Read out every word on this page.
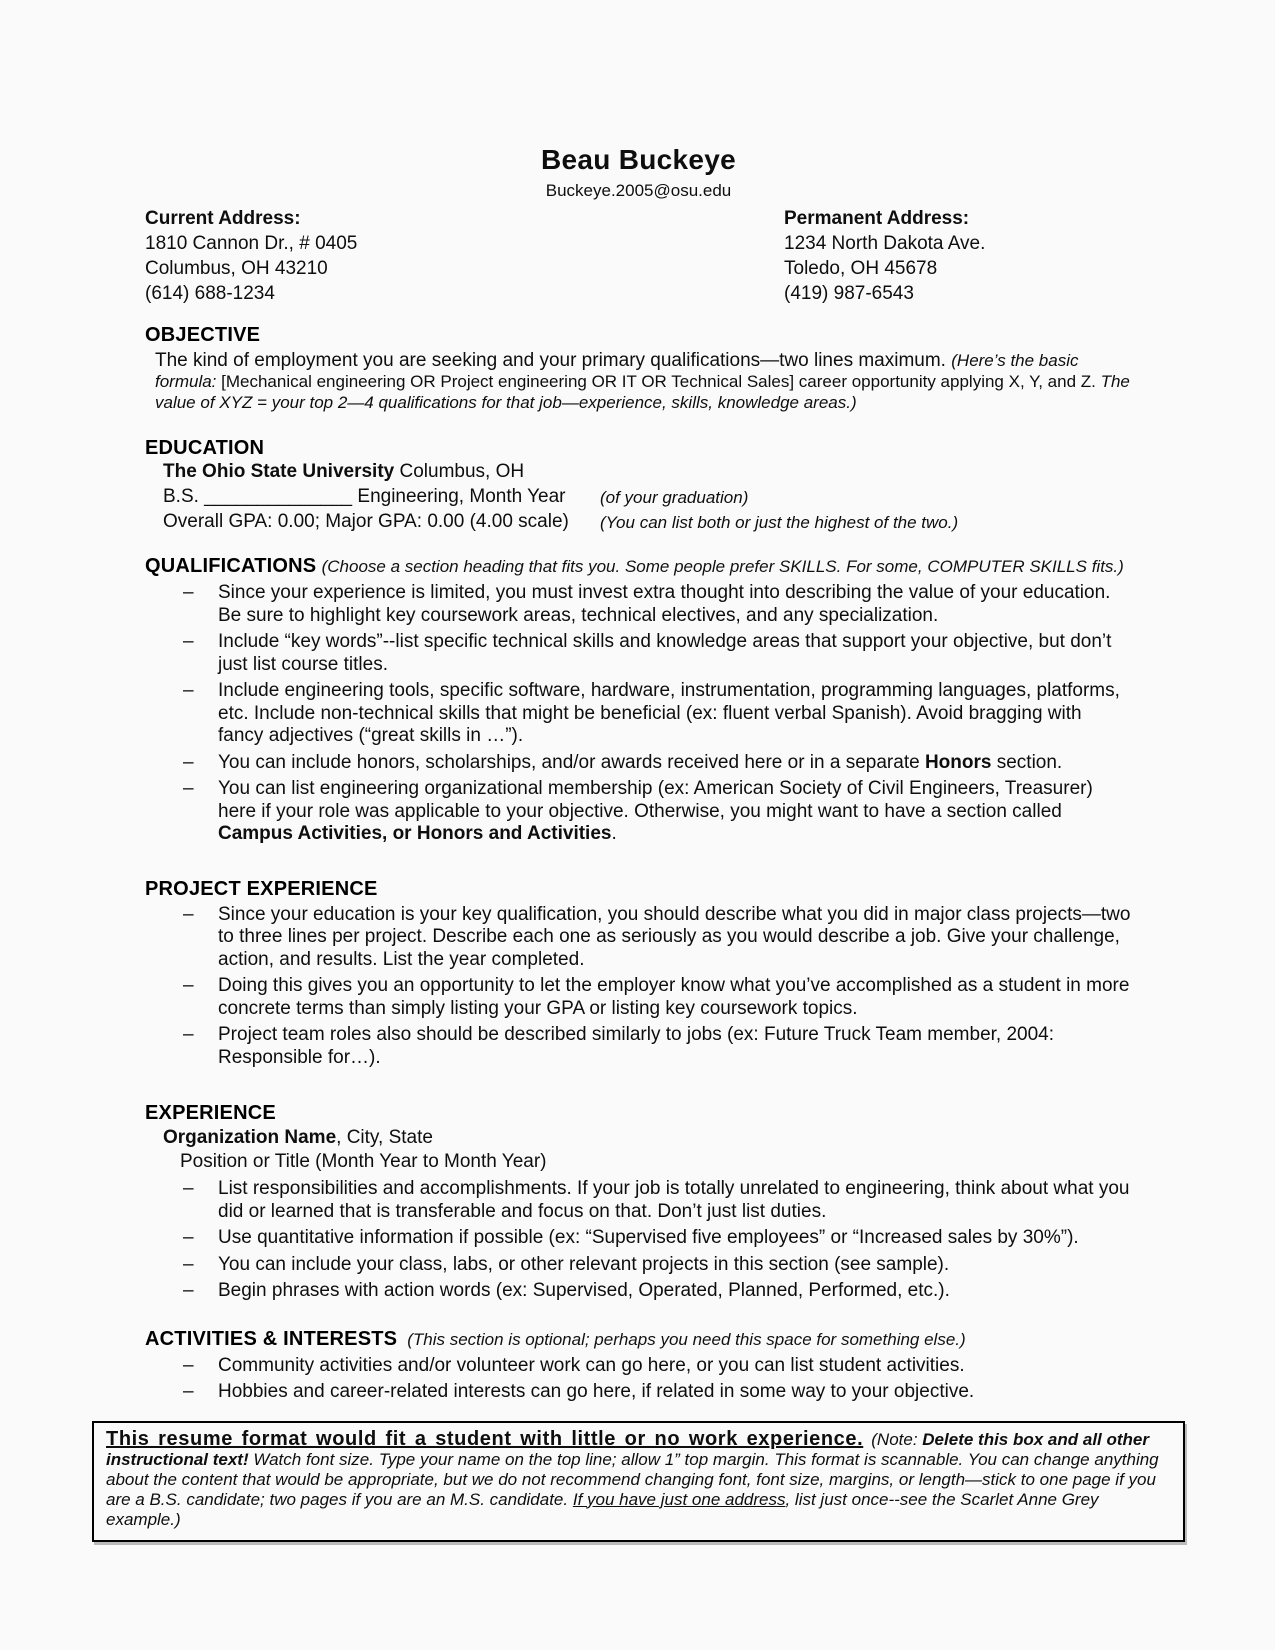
Beau Buckeye
Buckeye.2005@osu.edu
Current Address:
1810 Cannon Dr., # 0405
Columbus, OH 43210
(614) 688-1234
Permanent Address:
1234 North Dakota Ave.
Toledo, OH 45678
(419) 987-6543
OBJECTIVE

The kind of employment you are seeking and your primary qualifications—two lines maximum. (Here’s the basic formula: [Mechanical engineering OR Project engineering OR IT OR Technical Sales] career opportunity applying X, Y, and Z. The value of XYZ = your top 2—4 qualifications for that job—experience, skills, knowledge areas.)

EDUCATION
The Ohio State University Columbus, OH
B.S. ______________ Engineering, Month Year (of your graduation)
Overall GPA: 0.00; Major GPA: 0.00 (4.00 scale) (You can list both or just the highest of the two.)
QUALIFICATIONS (Choose a section heading that fits you. Some people prefer SKILLS. For some, COMPUTER SKILLS fits.)
– Since your experience is limited, you must invest extra thought into describing the value of your education. Be sure to highlight key coursework areas, technical electives, and any specialization.
– Include “key words”--list specific technical skills and knowledge areas that support your objective, but don’t just list course titles.
– Include engineering tools, specific software, hardware, instrumentation, programming languages, platforms, etc. Include non-technical skills that might be beneficial (ex: fluent verbal Spanish). Avoid bragging with fancy adjectives (“great skills in …”).
– You can include honors, scholarships, and/or awards received here or in a separate Honors section.
– You can list engineering organizational membership (ex: American Society of Civil Engineers, Treasurer) here if your role was applicable to your objective. Otherwise, you might want to have a section called Campus Activities, or Honors and Activities.
PROJECT EXPERIENCE
– Since your education is your key qualification, you should describe what you did in major class projects—two to three lines per project. Describe each one as seriously as you would describe a job. Give your challenge, action, and results. List the year completed.
– Doing this gives you an opportunity to let the employer know what you’ve accomplished as a student in more concrete terms than simply listing your GPA or listing key coursework topics.
– Project team roles also should be described similarly to jobs (ex: Future Truck Team member, 2004: Responsible for…).
EXPERIENCE
Organization Name, City, State
Position or Title (Month Year to Month Year)
– List responsibilities and accomplishments. If your job is totally unrelated to engineering, think about what you did or learned that is transferable and focus on that. Don’t just list duties.
– Use quantitative information if possible (ex: “Supervised five employees” or “Increased sales by 30%”).
– You can include your class, labs, or other relevant projects in this section (see sample).
– Begin phrases with action words (ex: Supervised, Operated, Planned, Performed, etc.).
ACTIVITIES & INTERESTS (This section is optional; perhaps you need this space for something else.)
– Community activities and/or volunteer work can go here, or you can list student activities.
– Hobbies and career-related interests can go here, if related in some way to your objective.

This resume format would fit a student with little or no work experience. (Note: Delete this box and all other instructional text! Watch font size. Type your name on the top line; allow 1” top margin. This format is scannable. You can change anything about the content that would be appropriate, but we do not recommend changing font, font size, margins, or length—stick to one page if you are a B.S. candidate; two pages if you are an M.S. candidate. If you have just one address, list just once--see the Scarlet Anne Grey example.)
